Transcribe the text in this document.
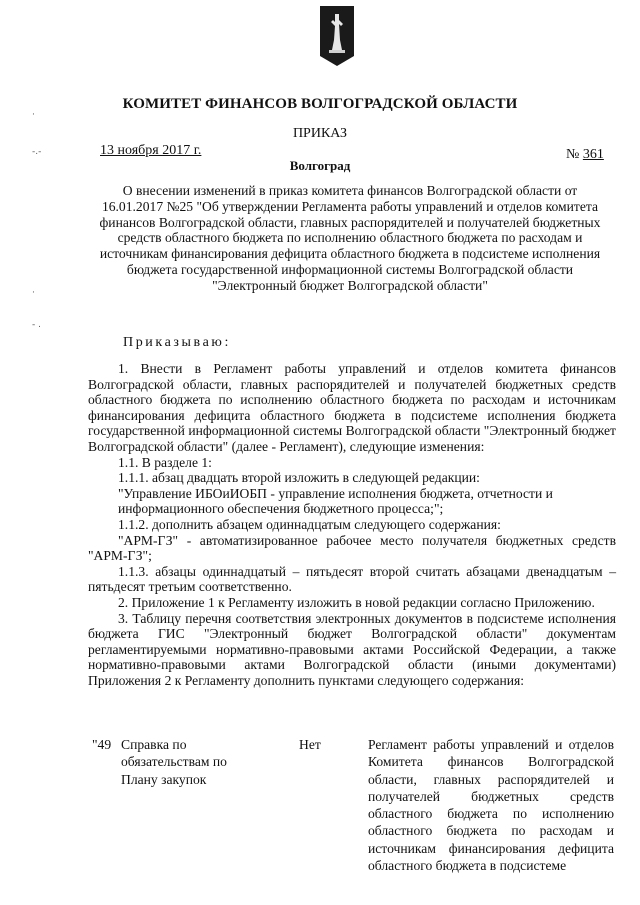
·
-.-
·
- .
КОМИТЕТ ФИНАНСОВ ВОЛГОГРАДСКОЙ ОБЛАСТИ
ПРИКАЗ
13 ноября 2017 г.	№ 361
Волгоград
О внесении изменений в приказ комитета финансов Волгоградской области от 16.01.2017 №25 "Об утверждении Регламента работы управлений и отделов комитета финансов Волгоградской области, главных распорядителей и получателей бюджетных средств областного бюджета по исполнению областного бюджета по расходам и источникам финансирования дефицита областного бюджета в подсистеме исполнения бюджета государственной информационной системы Волгоградской области "Электронный бюджет Волгоградской области"
Приказываю:

1. Внести в Регламент работы управлений и отделов комитета финансов Волгоградской области, главных распорядителей и получателей бюджетных средств областного бюджета по исполнению областного бюджета по расходам и источникам финансирования дефицита областного бюджета в подсистеме исполнения бюджета государственной информационной системы Волгоградской области "Электронный бюджет Волгоградской области" (далее - Регламент), следующие изменения:

1.1. В разделе 1:

1.1.1. абзац двадцать второй изложить в следующей редакции:

"Управление ИБОиИОБП - управление исполнения бюджета, отчетности и информационного обеспечения бюджетного процесса;";

1.1.2. дополнить абзацем одиннадцатым следующего содержания:

"АРМ-ГЗ" - автоматизированное рабочее место получателя бюджетных средств "АРМ-ГЗ";

1.1.3. абзацы одиннадцатый – пятьдесят второй считать абзацами двенадцатым – пятьдесят третьим соответственно.

2. Приложение 1 к Регламенту изложить в новой редакции согласно Приложению.

3. Таблицу перечня соответствия электронных документов в подсистеме исполнения бюджета ГИС "Электронный бюджет Волгоградской области" документам регламентируемыми нормативно-правовыми актами Российской Федерации, а также нормативно-правовыми актами Волгоградской области (иными документами) Приложения 2 к Регламенту дополнить пунктами следующего содержания:

"49 Справка по обязательствам по Плану закупок
Нет	Регламент работы управлений и отделов Комитета финансов Волгоградской области, главных распорядителей и получателей бюджетных средств областного бюджета по исполнению областного бюджета по расходам и источникам финансирования дефицита областного бюджета в подсистеме
